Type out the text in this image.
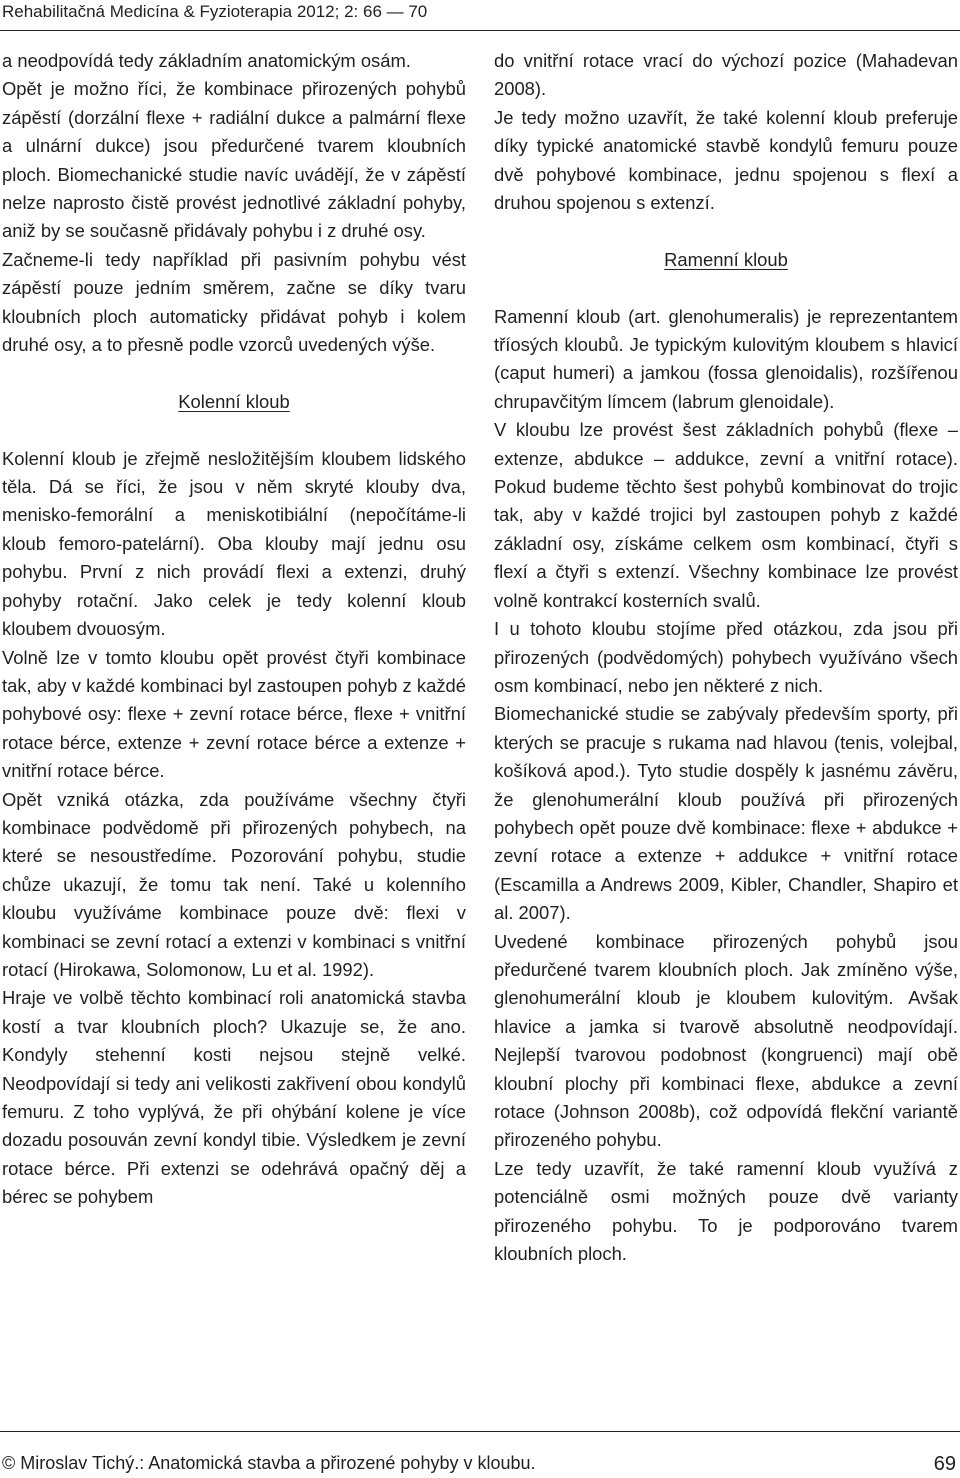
Rehabilitačná Medicína & Fyzioterapia 2012; 2: 66 — 70

a neodpovídá tedy základním anatomickým osám.

Opět je možno říci, že kombinace přirozených pohybů zápěstí (dorzální flexe + radiální dukce a palmární flexe a ulnární dukce) jsou předurčené tvarem kloubních ploch. Biomechanické studie navíc uvádějí, že v zápěstí nelze naprosto čistě provést jednotlivé základní pohyby, aniž by se současně přidávaly pohybu i z druhé osy.

Začneme-li tedy například při pasivním pohybu vést zápěstí pouze jedním směrem, začne se díky tvaru kloubních ploch automaticky přidávat pohyb i kolem druhé osy, a to přesně podle vzorců uvedených výše.

Kolenní kloub

Kolenní kloub je zřejmě nesložitějším kloubem lidského těla. Dá se říci, že jsou v něm skryté klouby dva, menisko-femorální a meniskotibiální (nepočítáme-li kloub femoro-patelární). Oba klouby mají jednu osu pohybu. První z nich provádí flexi a extenzi, druhý pohyby rotační. Jako celek je tedy kolenní kloub kloubem dvouosým.

Volně lze v tomto kloubu opět provést čtyři kombinace tak, aby v každé kombinaci byl zastoupen pohyb z každé pohybové osy: flexe + zevní rotace bérce, flexe + vnitřní rotace bérce, extenze + zevní rotace bérce a extenze + vnitřní rotace bérce.

Opět vzniká otázka, zda používáme všechny čtyři kombinace podvědomě při přirozených pohybech, na které se nesoustředíme. Pozorování pohybu, studie chůze ukazují, že tomu tak není. Také u kolenního kloubu využíváme kombinace pouze dvě: flexi v kombinaci se zevní rotací a extenzi v kombinaci s vnitřní rotací (Hirokawa, Solomonow, Lu et al. 1992).

Hraje ve volbě těchto kombinací roli anatomická stavba kostí a tvar kloubních ploch? Ukazuje se, že ano. Kondyly stehenní kosti nejsou stejně velké. Neodpovídají si tedy ani velikosti zakřivení obou kondylů femuru. Z toho vyplývá, že při ohýbání kolene je více dozadu posouván zevní kondyl tibie. Výsledkem je zevní rotace bérce. Při extenzi se odehrává opačný děj a bérec se pohybem

do vnitřní rotace vrací do výchozí pozice (Mahadevan 2008).

Je tedy možno uzavřít, že také kolenní kloub preferuje díky typické anatomické stavbě kondylů femuru pouze dvě pohybové kombinace, jednu spojenou s flexí a druhou spojenou s extenzí.

Ramenní kloub

Ramenní kloub (art. glenohumeralis) je reprezentantem tříosých kloubů. Je typickým kulovitým kloubem s hlavicí (caput humeri) a jamkou (fossa glenoidalis), rozšířenou chrupavčitým límcem (labrum glenoidale).

V kloubu lze provést šest základních pohybů (flexe – extenze, abdukce – addukce, zevní a vnitřní rotace). Pokud budeme těchto šest pohybů kombinovat do trojic tak, aby v každé trojici byl zastoupen pohyb z každé základní osy, získáme celkem osm kombinací, čtyři s flexí a čtyři s extenzí. Všechny kombinace lze provést volně kontrakcí kosterních svalů.

I u tohoto kloubu stojíme před otázkou, zda jsou při přirozených (podvědomých) pohybech využíváno všech osm kombinací, nebo jen některé z nich.

Biomechanické studie se zabývaly především sporty, při kterých se pracuje s rukama nad hlavou (tenis, volejbal, košíková apod.). Tyto studie dospěly k jasnému závěru, že glenohumerální kloub používá při přirozených pohybech opět pouze dvě kombinace: flexe + abdukce + zevní rotace a extenze + addukce + vnitřní rotace (Escamilla a Andrews 2009, Kibler, Chandler, Shapiro et al. 2007).

Uvedené kombinace přirozených pohybů jsou předurčené tvarem kloubních ploch. Jak zmíněno výše, glenohumerální kloub je kloubem kulovitým. Avšak hlavice a jamka si tvarově absolutně neodpovídají. Nejlepší tvarovou podobnost (kongruenci) mají obě kloubní plochy při kombinaci flexe, abdukce a zevní rotace (Johnson 2008b), což odpovídá flekční variantě přirozeného pohybu.

Lze tedy uzavřít, že také ramenní kloub využívá z potenciálně osmi možných pouze dvě varianty přirozeného pohybu. To je podporováno tvarem kloubních ploch.

© Miroslav Tichý.: Anatomická stavba a přirozené pohyby v kloubu.	69
